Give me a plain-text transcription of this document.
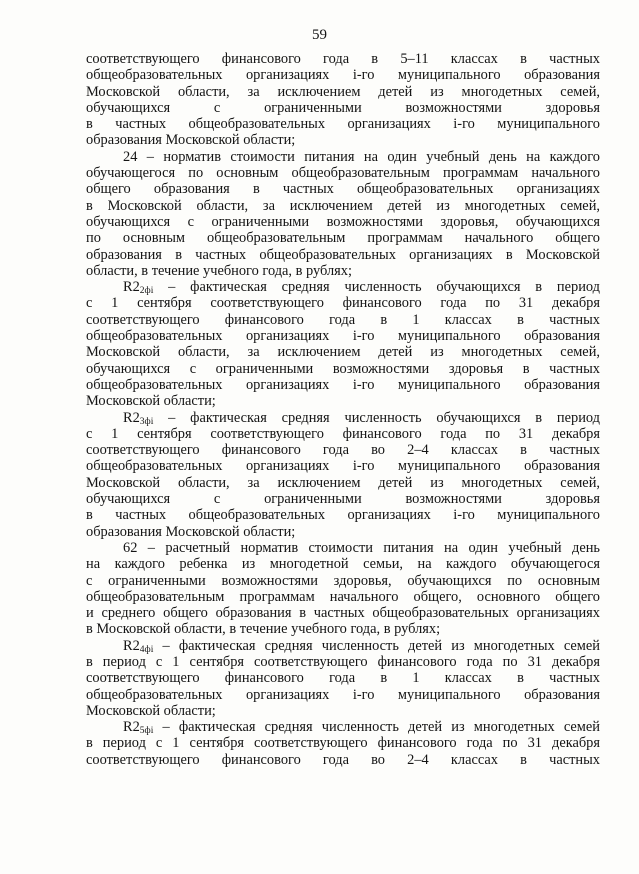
59
соответствующего финансового года в 5–11 классах в частных
общеобразовательных организациях i-го муниципального образования
Московской области, за исключением детей из многодетных семей,
обучающихся с ограниченными возможностями здоровья
в частных общеобразовательных организациях i-го муниципального
образования Московской области;
24 – норматив стоимости питания на один учебный день на каждого
обучающегося по основным общеобразовательным программам начального
общего образования в частных общеобразовательных организациях
в Московской области, за исключением детей из многодетных семей,
обучающихся с ограниченными возможностями здоровья, обучающихся
по основным общеобразовательным программам начального общего
образования в частных общеобразовательных организациях в Московской
области, в течение учебного года, в рублях;
$R2_{2фi}$ – фактическая средняя численность обучающихся в период
с 1 сентября соответствующего финансового года по 31 декабря
соответствующего финансового года в 1 классах в частных
общеобразовательных организациях i-го муниципального образования
Московской области, за исключением детей из многодетных семей,
обучающихся с ограниченными возможностями здоровья в частных
общеобразовательных организациях i-го муниципального образования
Московской области;
$R2_{3фi}$ – фактическая средняя численность обучающихся в период
с 1 сентября соответствующего финансового года по 31 декабря
соответствующего финансового года во 2–4 классах в частных
общеобразовательных организациях i-го муниципального образования
Московской области, за исключением детей из многодетных семей,
обучающихся с ограниченными возможностями здоровья
в частных общеобразовательных организациях i-го муниципального
образования Московской области;
62 – расчетный норматив стоимости питания на один учебный день
на каждого ребенка из многодетной семьи, на каждого обучающегося
с ограниченными возможностями здоровья, обучающихся по основным
общеобразовательным программам начального общего, основного общего
и среднего общего образования в частных общеобразовательных организациях
в Московской области, в течение учебного года, в рублях;
$R2_{4фi}$ – фактическая средняя численность детей из многодетных семей
в период с 1 сентября соответствующего финансового года по 31 декабря
соответствующего финансового года в 1 классах в частных
общеобразовательных организациях i-го муниципального образования
Московской области;
$R2_{5фi}$ – фактическая средняя численность детей из многодетных семей
в период с 1 сентября соответствующего финансового года по 31 декабря
соответствующего финансового года во 2–4 классах в частных
